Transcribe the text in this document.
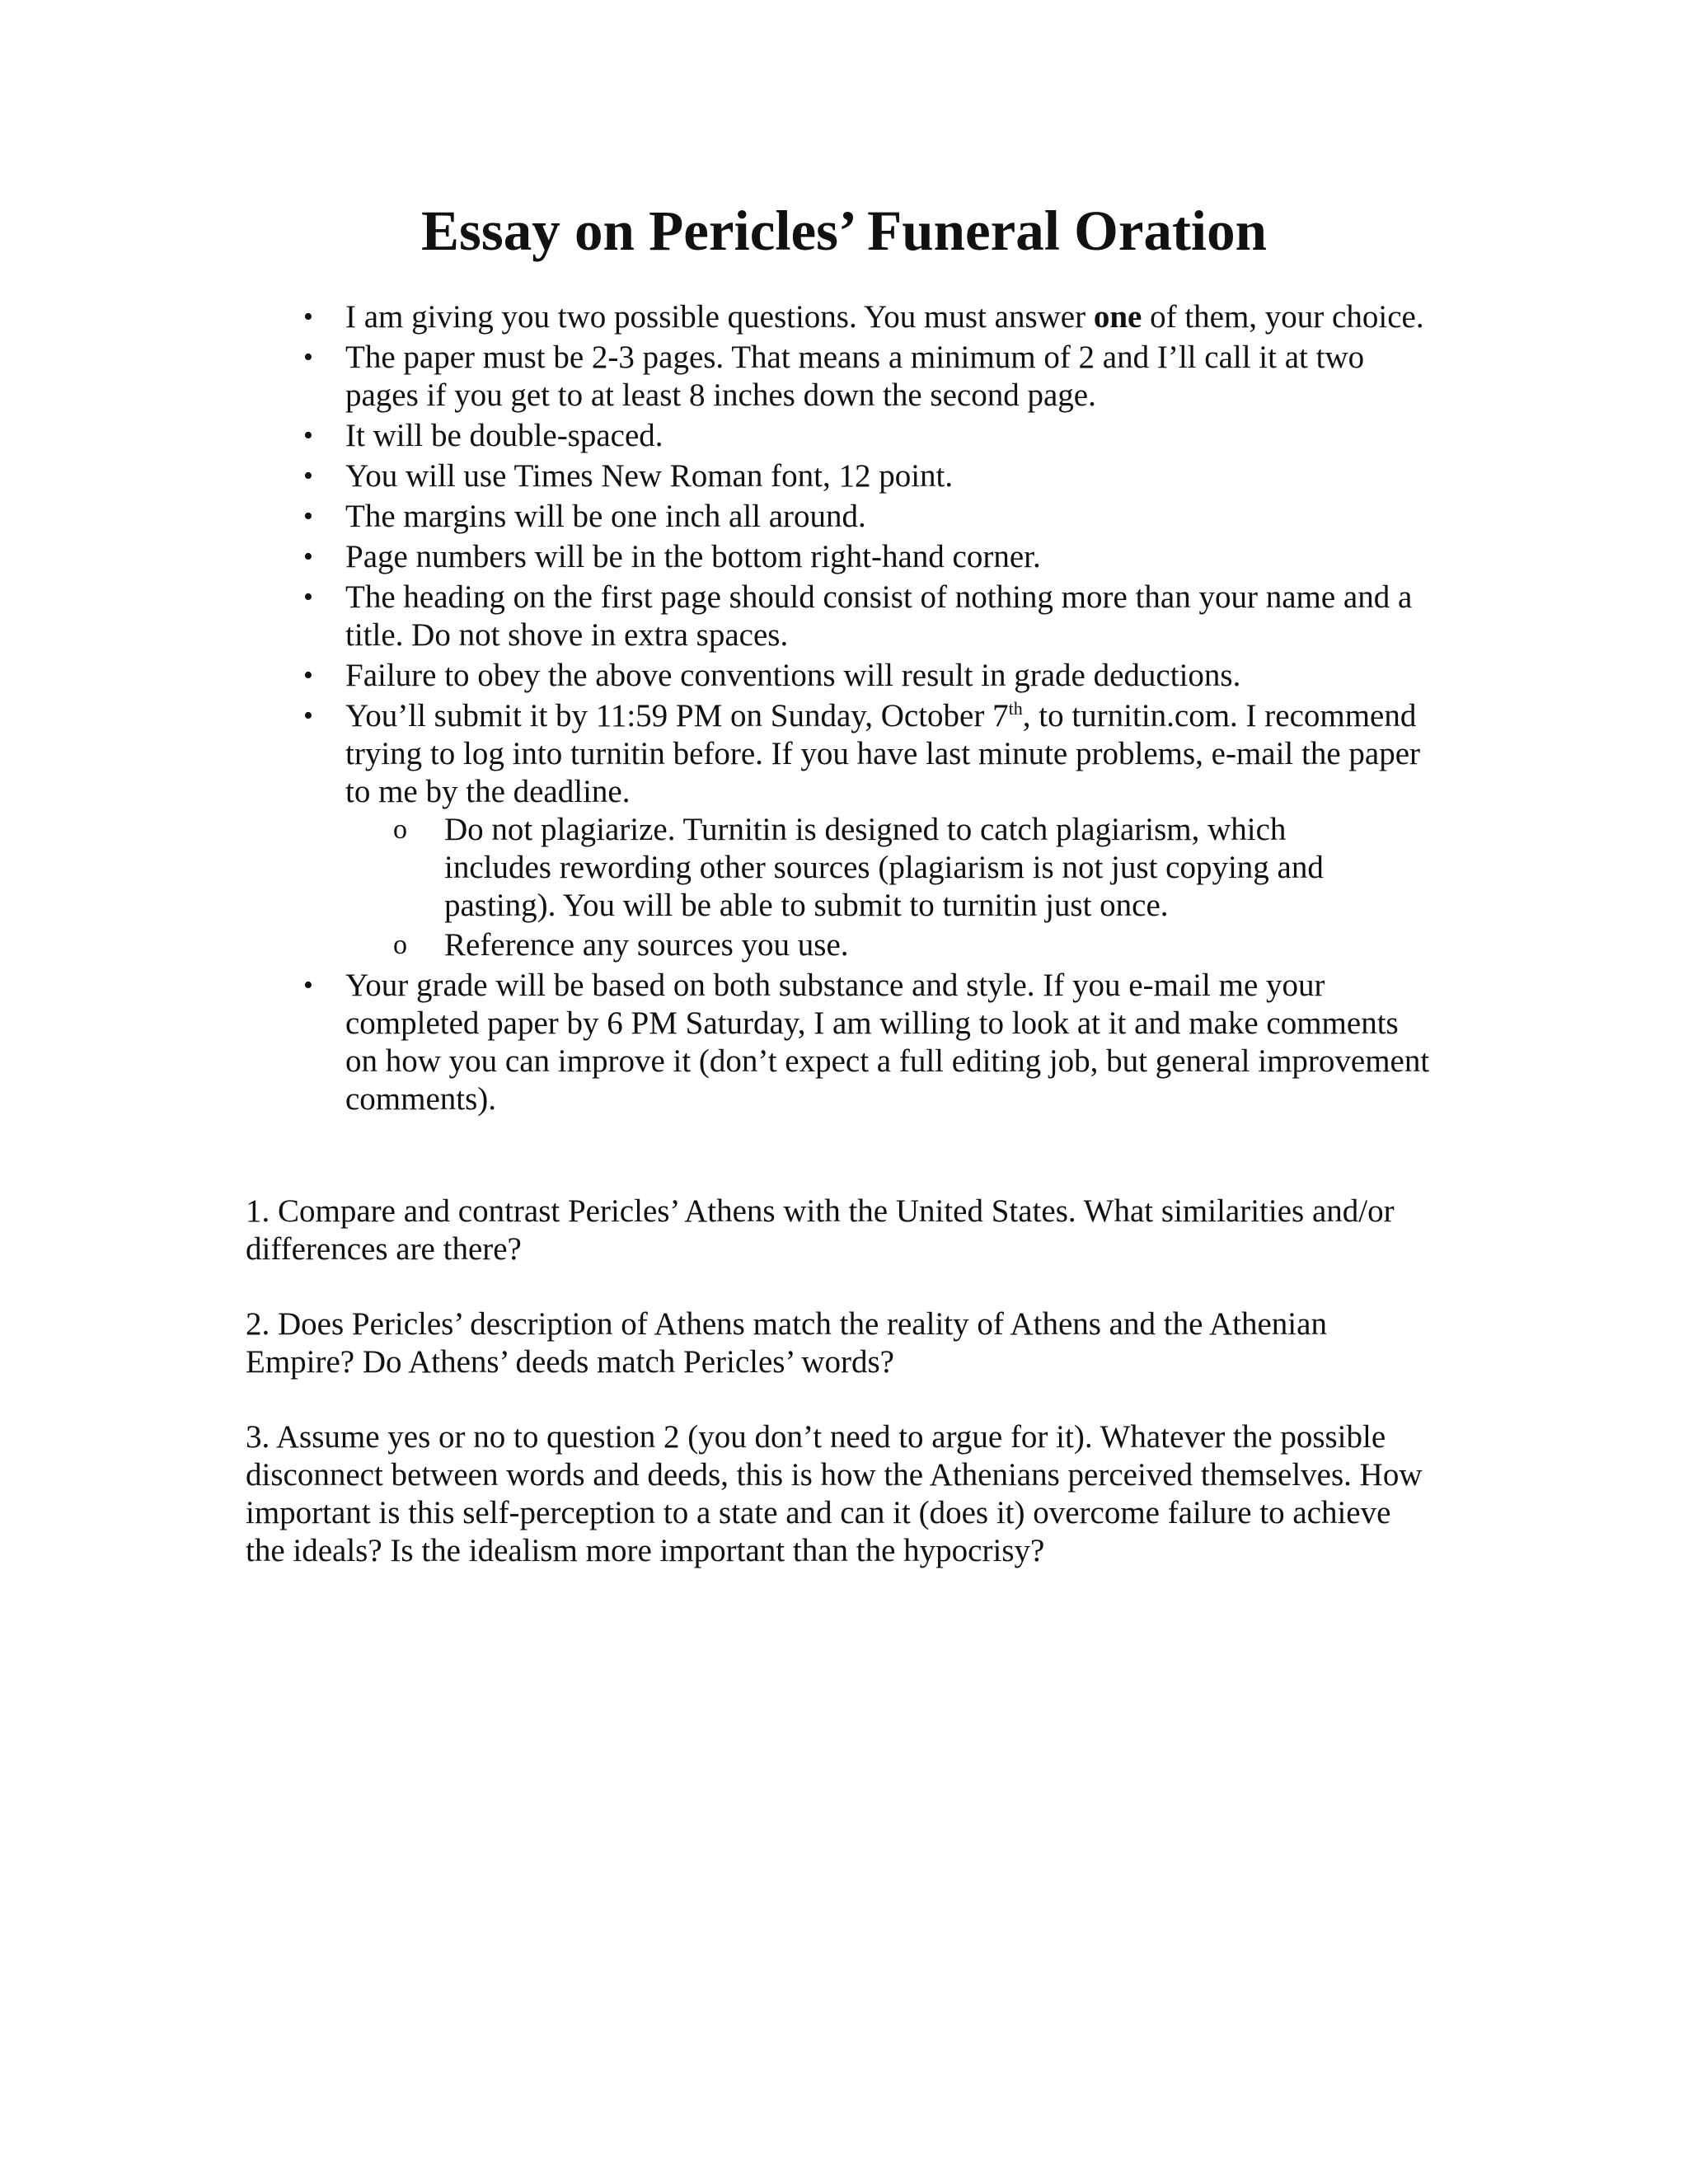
Essay on Pericles’ Funeral Oration
• I am giving you two possible questions. You must answer one of them, your choice.
• The paper must be 2-3 pages. That means a minimum of 2 and I’ll call it at two pages if you get to at least 8 inches down the second page.
• It will be double-spaced.
• You will use Times New Roman font, 12 point.
• The margins will be one inch all around.
• Page numbers will be in the bottom right-hand corner.
• The heading on the first page should consist of nothing more than your name and a title. Do not shove in extra spaces.
• Failure to obey the above conventions will result in grade deductions.
• You’ll submit it by 11:59 PM on Sunday, October 7th, to turnitin.com. I recommend trying to log into turnitin before. If you have last minute problems, e-mail the paper to me by the deadline.
o Do not plagiarize. Turnitin is designed to catch plagiarism, which includes rewording other sources (plagiarism is not just copying and pasting). You will be able to submit to turnitin just once.
o Reference any sources you use.
• Your grade will be based on both substance and style. If you e-mail me your completed paper by 6 PM Saturday, I am willing to look at it and make comments on how you can improve it (don’t expect a full editing job, but general improvement comments).

1. Compare and contrast Pericles’ Athens with the United States. What similarities and/or differences are there?

2. Does Pericles’ description of Athens match the reality of Athens and the Athenian Empire? Do Athens’ deeds match Pericles’ words?

3. Assume yes or no to question 2 (you don’t need to argue for it). Whatever the possible disconnect between words and deeds, this is how the Athenians perceived themselves. How important is this self-perception to a state and can it (does it) overcome failure to achieve the ideals? Is the idealism more important than the hypocrisy?
